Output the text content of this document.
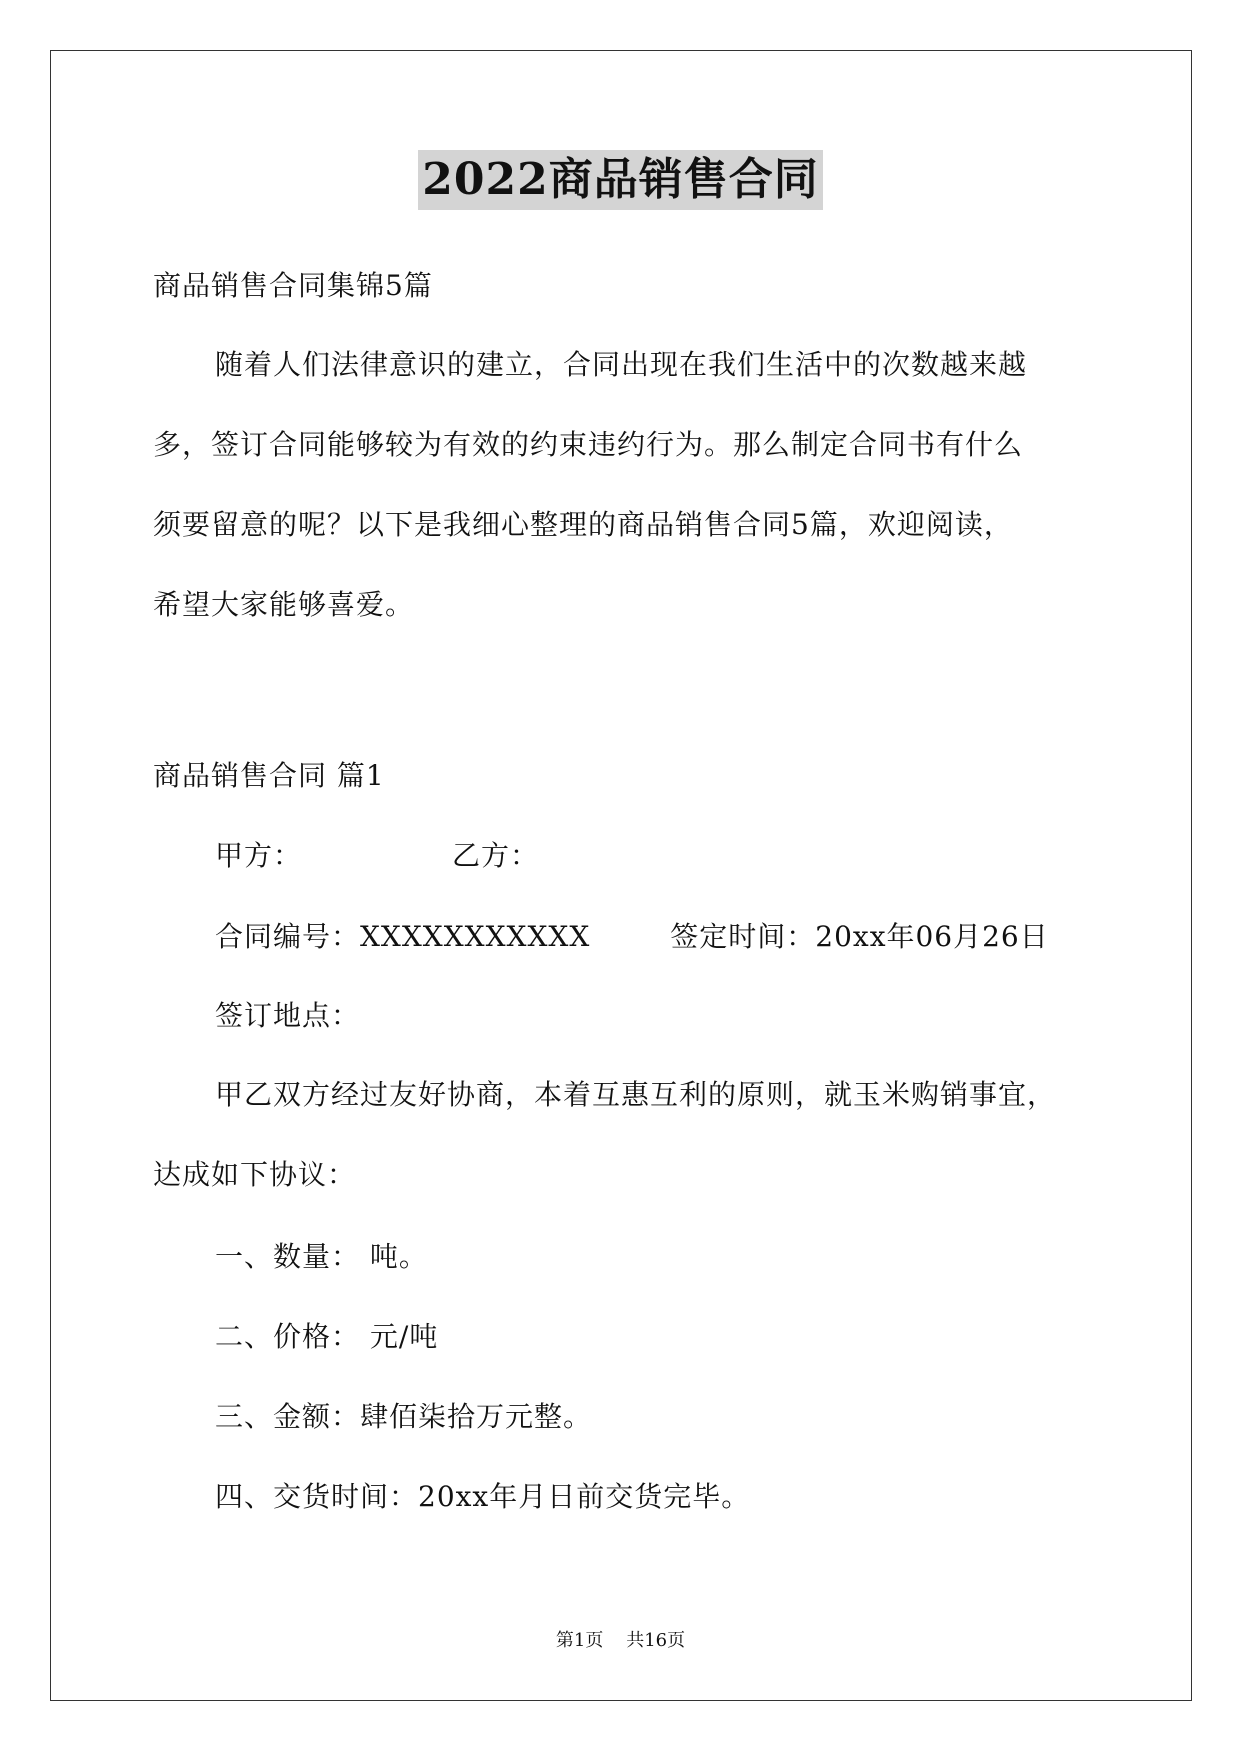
2022商品销售合同
商品销售合同集锦5篇
随着人们法律意识的建立，合同出现在我们生活中的次数越来越
多，签订合同能够较为有效的约束违约行为。那么制定合同书有什么
须要留意的呢？以下是我细心整理的商品销售合同5篇，欢迎阅读，
希望大家能够喜爱。
商品销售合同 篇1
甲方：	乙方：
合同编号：XXXXXXXXXXX	签定时间：20xx年06月26日
签订地点：
甲乙双方经过友好协商，本着互惠互利的原则，就玉米购销事宜，
达成如下协议：
一、数量： 吨。
二、价格： 元/吨
三、金额：肆佰柒拾万元整。
四、交货时间：20xx年月日前交货完毕。
第1页 共16页
